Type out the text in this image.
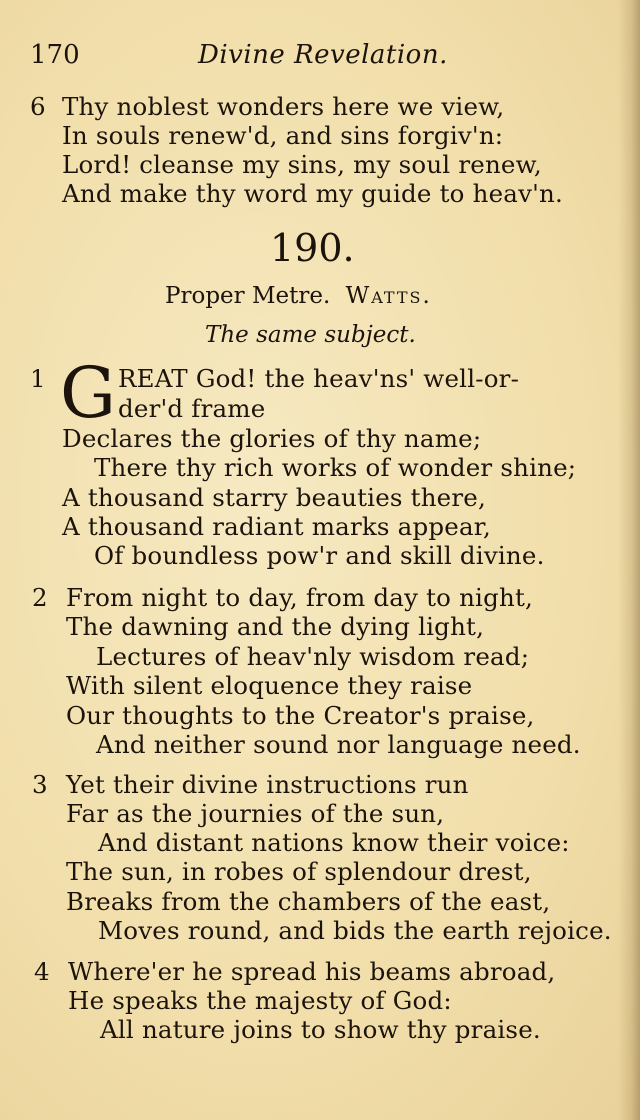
170	Divine Revelation.
6 Thy noblest wonders here we view,
In souls renew'd, and sins forgiv'n:
Lord! cleanse my sins, my soul renew,
And make thy word my guide to heav'n.
190.
Proper Metre. Watts.
The same subject.
1 G REAT God! the heav'ns' well-or-
der'd frame
Declares the glories of thy name;
There thy rich works of wonder shine;
A thousand starry beauties there,
A thousand radiant marks appear,
Of boundless pow'r and skill divine.
2 From night to day, from day to night,
The dawning and the dying light,
Lectures of heav'nly wisdom read;
With silent eloquence they raise
Our thoughts to the Creator's praise,
And neither sound nor language need.
3 Yet their divine instructions run
Far as the journies of the sun,
And distant nations know their voice:
The sun, in robes of splendour drest,
Breaks from the chambers of the east,
Moves round, and bids the earth rejoice.
4 Where'er he spread his beams abroad,
He speaks the majesty of God:
All nature joins to show thy praise.
